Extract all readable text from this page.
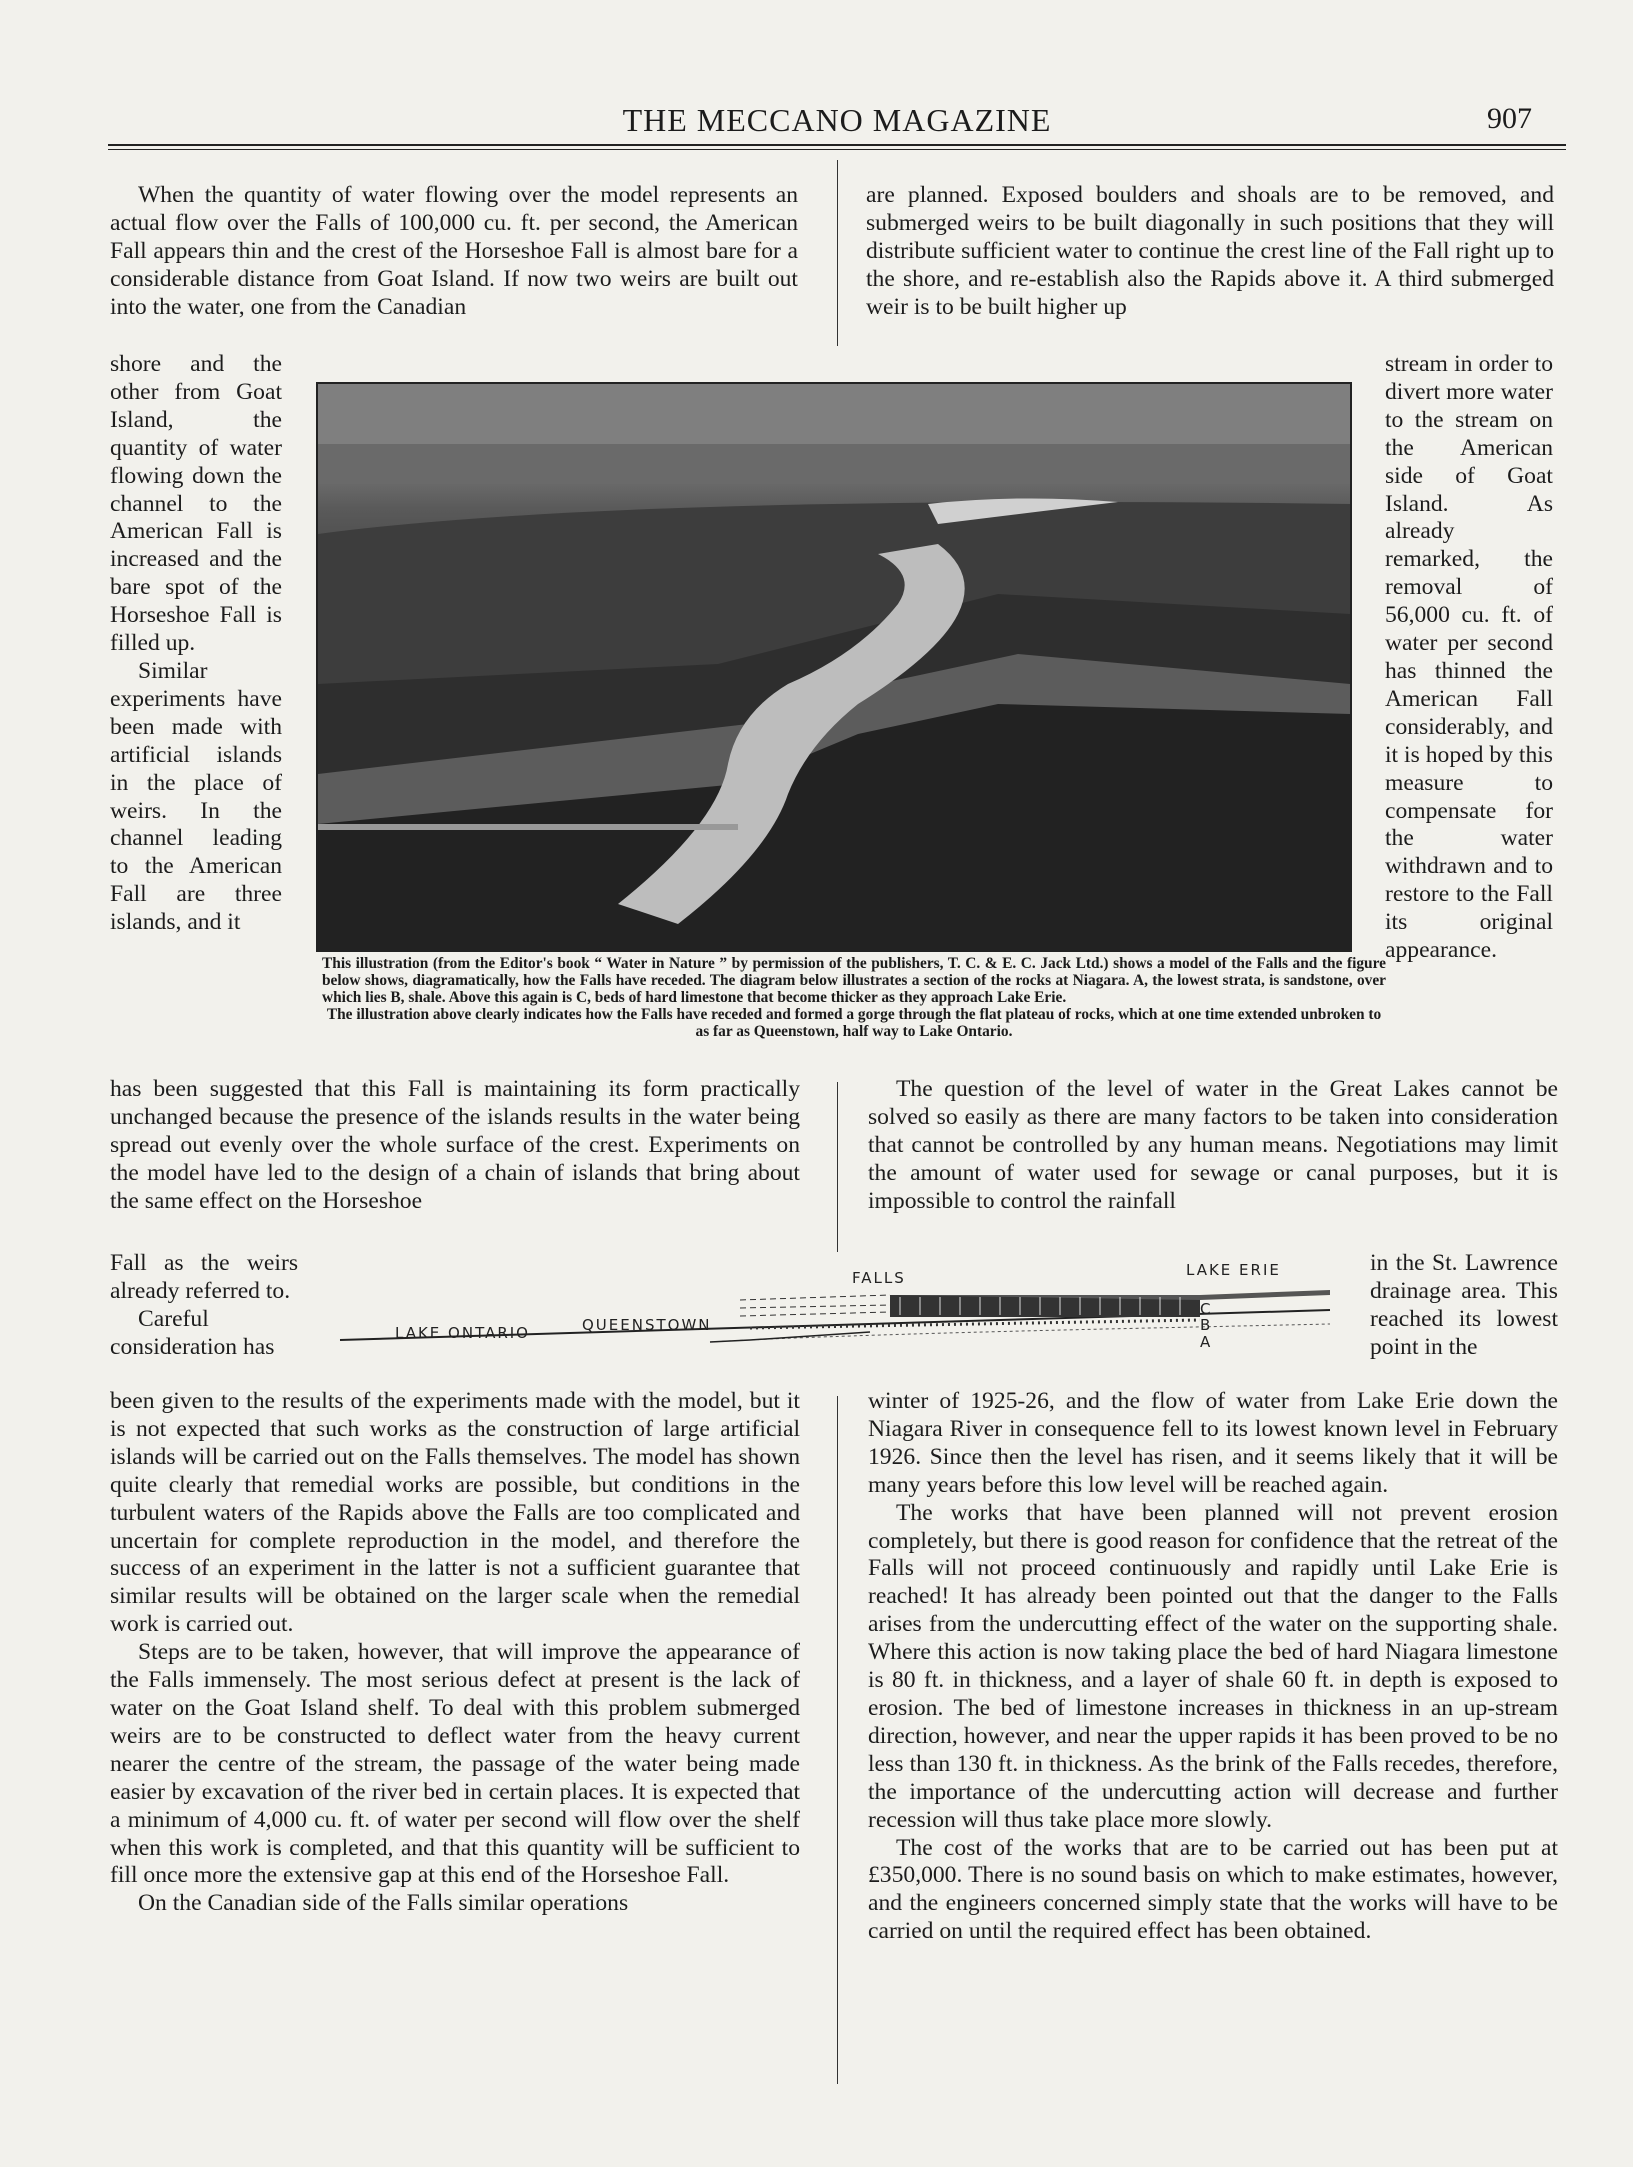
THE MECCANO MAGAZINE	907

When the quantity of water flowing over the model represents an actual flow over the Falls of 100,000 cu. ft. per second, the American Fall appears thin and the crest of the Horseshoe Fall is almost bare for a considerable distance from Goat Island. If now two weirs are built out into the water, one from the Canadian

shore and the other from Goat Island, the quantity of water flowing down the channel to the American Fall is increased and the bare spot of the Horseshoe Fall is filled up.

Similar experiments have been made with artificial islands in the place of weirs. In the channel leading to the American Fall are three islands, and it

are planned. Exposed boulders and shoals are to be removed, and submerged weirs to be built diagonally in such positions that they will distribute sufficient water to continue the crest line of the Fall right up to the shore, and re-establish also the Rapids above it. A third submerged weir is to be built higher up

stream in order to divert more water to the stream on the American side of Goat Island. As already remarked, the removal of 56,000 cu. ft. of water per second has thinned the American Fall considerably, and it is hoped by this measure to compensate for the water withdrawn and to restore to the Fall its original appearance.

This illustration (from the Editor's book “ Water in Nature ” by permission of the publishers, T. C. & E. C. Jack Ltd.) shows a model of the Falls and the figure below shows, diagramatically, how the Falls have receded. The diagram below illustrates a section of the rocks at Niagara. A, the lowest strata, is sandstone, over which lies B, shale. Above this again is C, beds of hard limestone that become thicker as they approach Lake Erie.
The illustration above clearly indicates how the Falls have receded and formed a gorge through the flat plateau of rocks, which at one time extended unbroken to as far as Queenstown, half way to Lake Ontario.

has been suggested that this Fall is maintaining its form practically unchanged because the presence of the islands results in the water being spread out evenly over the whole surface of the crest. Experiments on the model have led to the design of a chain of islands that bring about the same effect on the Horseshoe

Fall as the weirs already referred to.

Careful consideration has

The question of the level of water in the Great Lakes cannot be solved so easily as there are many factors to be taken into consideration that cannot be controlled by any human means. Negotiations may limit the amount of water used for sewage or canal purposes, but it is impossible to control the rainfall

in the St. Lawrence drainage area. This reached its lowest point in the

LAKE ONTARIO	QUEENSTOWN
FALLS	LAKE ERIE
C
B
A

been given to the results of the experiments made with the model, but it is not expected that such works as the construction of large artificial islands will be carried out on the Falls themselves. The model has shown quite clearly that remedial works are possible, but conditions in the turbulent waters of the Rapids above the Falls are too complicated and uncertain for complete reproduction in the model, and therefore the success of an experiment in the latter is not a sufficient guarantee that similar results will be obtained on the larger scale when the remedial work is carried out.

Steps are to be taken, however, that will improve the appearance of the Falls immensely. The most serious defect at present is the lack of water on the Goat Island shelf. To deal with this problem submerged weirs are to be constructed to deflect water from the heavy current nearer the centre of the stream, the passage of the water being made easier by excavation of the river bed in certain places. It is expected that a minimum of 4,000 cu. ft. of water per second will flow over the shelf when this work is completed, and that this quantity will be sufficient to fill once more the extensive gap at this end of the Horseshoe Fall.

On the Canadian side of the Falls similar operations

winter of 1925-26, and the flow of water from Lake Erie down the Niagara River in consequence fell to its lowest known level in February 1926. Since then the level has risen, and it seems likely that it will be many years before this low level will be reached again.

The works that have been planned will not prevent erosion completely, but there is good reason for confidence that the retreat of the Falls will not proceed continuously and rapidly until Lake Erie is reached! It has already been pointed out that the danger to the Falls arises from the undercutting effect of the water on the supporting shale. Where this action is now taking place the bed of hard Niagara limestone is 80 ft. in thickness, and a layer of shale 60 ft. in depth is exposed to erosion. The bed of limestone increases in thickness in an up-stream direction, however, and near the upper rapids it has been proved to be no less than 130 ft. in thickness. As the brink of the Falls recedes, therefore, the importance of the undercutting action will decrease and further recession will thus take place more slowly.

The cost of the works that are to be carried out has been put at £350,000. There is no sound basis on which to make estimates, however, and the engineers concerned simply state that the works will have to be carried on until the required effect has been obtained.
